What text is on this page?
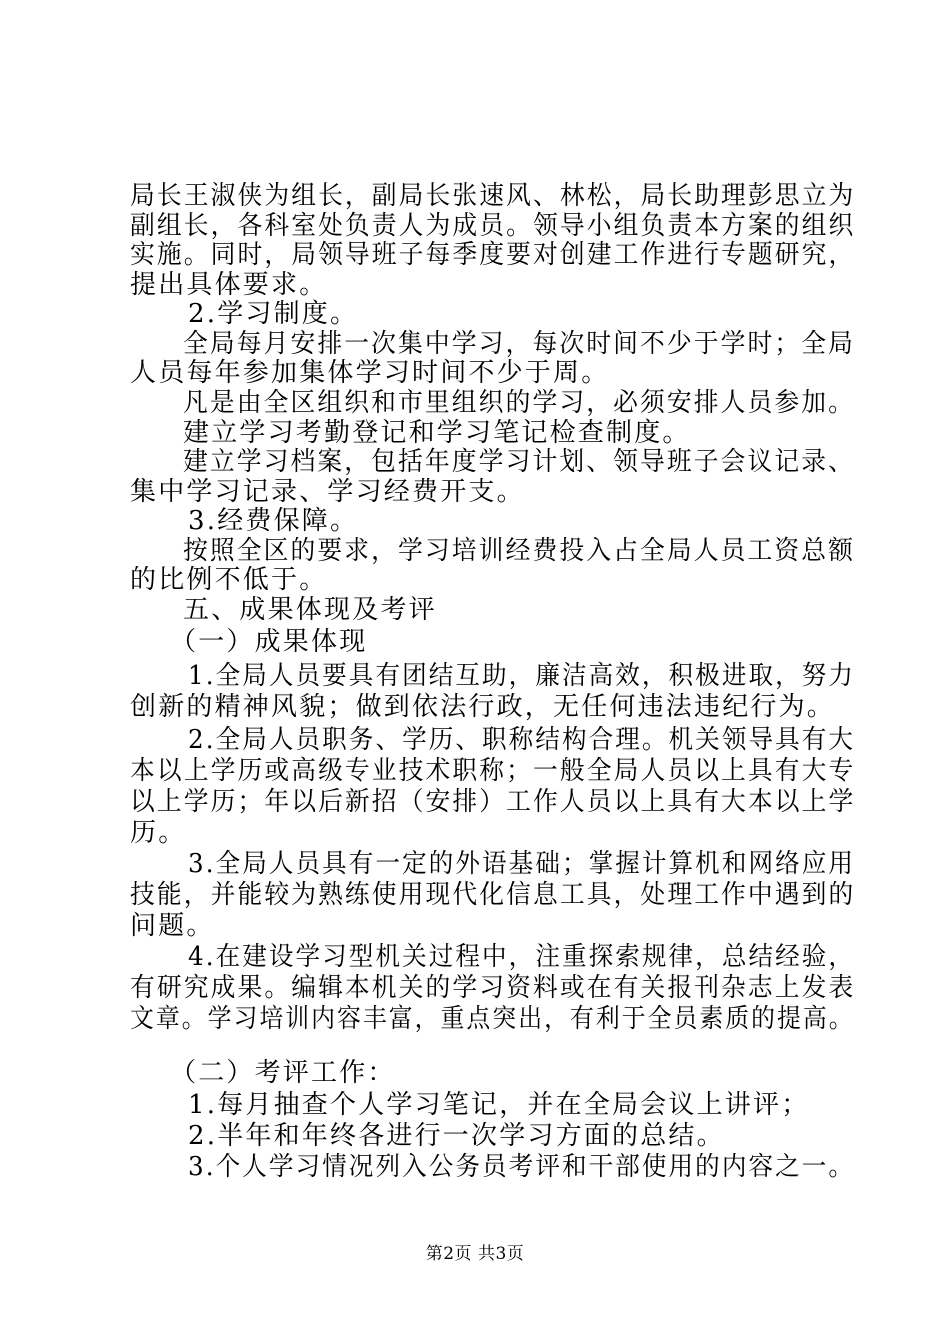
局长王淑侠为组长，副局长张速风、林松，局长助理彭思立为
副组长，各科室处负责人为成员。领导小组负责本方案的组织
实施。同时，局领导班子每季度要对创建工作进行专题研究，
提出具体要求。
2.学习制度。
全局每月安排一次集中学习，每次时间不少于学时；全局
人员每年参加集体学习时间不少于周。
凡是由全区组织和市里组织的学习，必须安排人员参加。
建立学习考勤登记和学习笔记检查制度。
建立学习档案，包括年度学习计划、领导班子会议记录、
集中学习记录、学习经费开支。
3.经费保障。
按照全区的要求，学习培训经费投入占全局人员工资总额
的比例不低于。
五、成果体现及考评
（一）成果体现
1.全局人员要具有团结互助，廉洁高效，积极进取，努力
创新的精神风貌；做到依法行政，无任何违法违纪行为。
2.全局人员职务、学历、职称结构合理。机关领导具有大
本以上学历或高级专业技术职称；一般全局人员以上具有大专
以上学历；年以后新招（安排）工作人员以上具有大本以上学
历。
3.全局人员具有一定的外语基础；掌握计算机和网络应用
技能，并能较为熟练使用现代化信息工具，处理工作中遇到的
问题。
4.在建设学习型机关过程中，注重探索规律，总结经验，
有研究成果。编辑本机关的学习资料或在有关报刊杂志上发表
文章。学习培训内容丰富，重点突出，有利于全员素质的提高。
（二）考评工作：
1.每月抽查个人学习笔记，并在全局会议上讲评；
2.半年和年终各进行一次学习方面的总结。
3.个人学习情况列入公务员考评和干部使用的内容之一。
第2页 共3页
